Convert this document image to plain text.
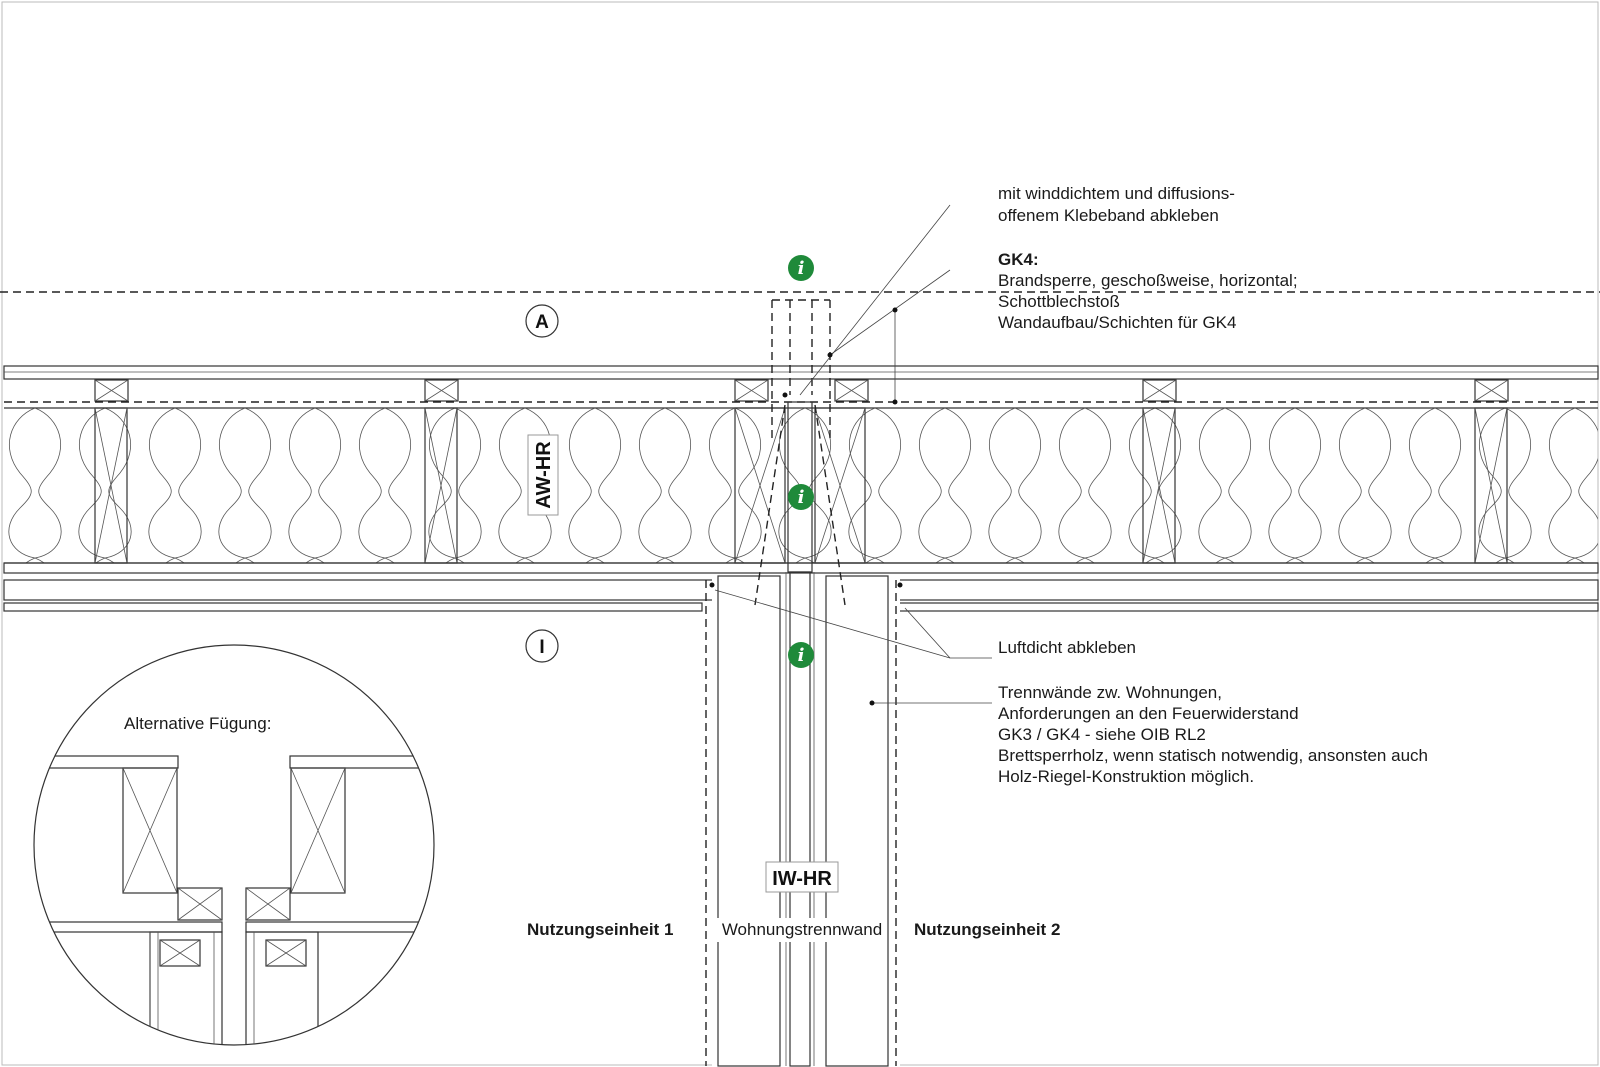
i
i
i
A
I
AW-HR
IW-HR
Nutzungseinheit 1	Wohnungstrennwand Nutzungseinheit 2
mit winddichtem und diffusions-
offenem Klebeband abkleben
GK4:
Brandsperre, geschoßweise, horizontal;
Schottblechstoß
Wandaufbau/Schichten für GK4
Luftdicht abkleben
Trennwände zw. Wohnungen,
Anforderungen an den Feuerwiderstand
GK3 / GK4 - siehe OIB RL2
Brettsperrholz, wenn statisch notwendig, ansonsten auch
Holz-Riegel-Konstruktion möglich.
Alternative Fügung:
